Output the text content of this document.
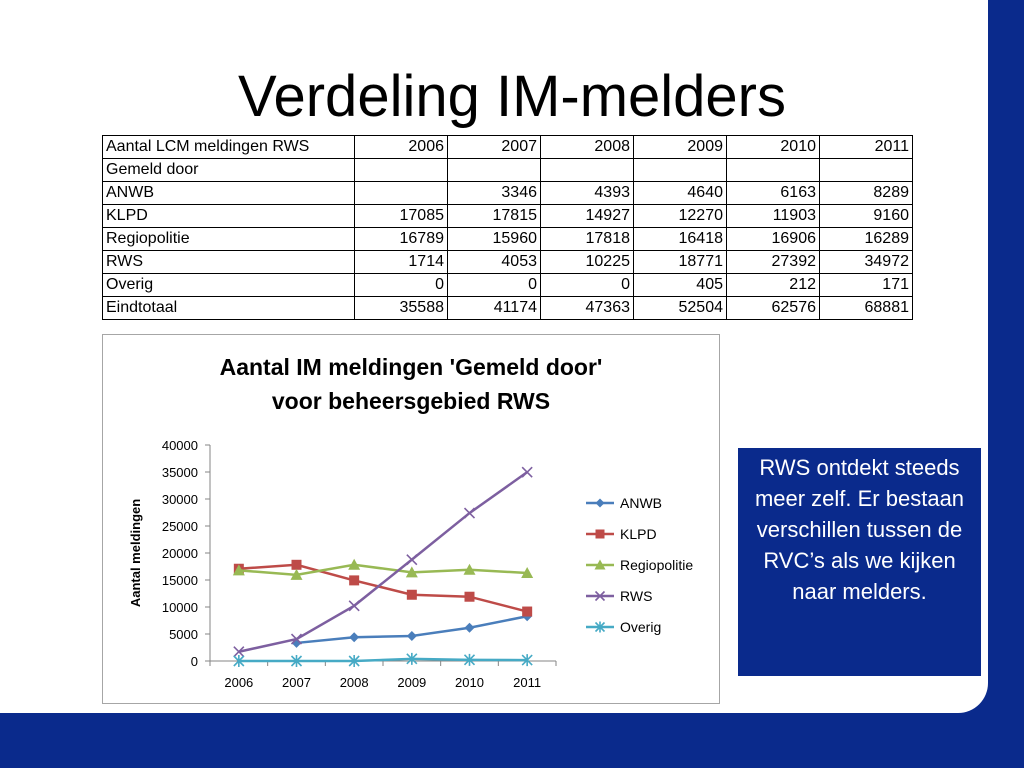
Verdeling IM-melders
Aantal LCM meldingen RWS	2006	2007	2008	2009	2010	2011
Gemeld door						
ANWB		3346	4393	4640	6163	8289
KLPD	17085	17815	14927	12270	11903	9160
Regiopolitie	16789	15960	17818	16418	16906	16289
RWS	1714	4053	10225	18771	27392	34972
Overig	0	0	0	405	212	171
Eindtotaal	35588	41174	47363	52504	62576	68881
Aantal IM meldingen 'Gemeld door'
voor beheersgebied RWS
Aantal meldingen
0
5000
10000
15000
20000
25000
30000
35000
40000
2006 2007 2008 2009 2010 2011
ANWB
KLPD
Regiopolitie
RWS
Overig
RWS ontdekt steeds meer zelf. Er bestaan verschillen tussen de RVC’s als we kijken naar melders.
